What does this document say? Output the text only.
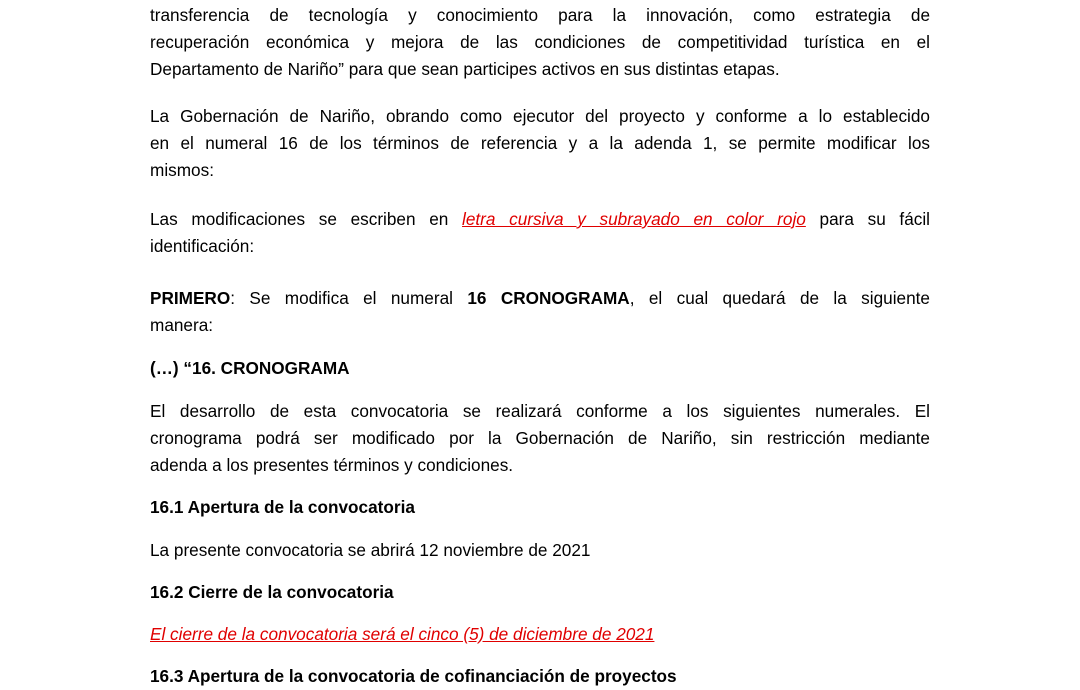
transferencia de tecnología y conocimiento para la innovación, como estrategia de
recuperación económica y mejora de las condiciones de competitividad turística en el
Departamento de Nariño” para que sean participes activos en sus distintas etapas.
La Gobernación de Nariño, obrando como ejecutor del proyecto y conforme a lo establecido
en el numeral 16 de los términos de referencia y a la adenda 1, se permite modificar los
mismos:
Las modificaciones se escriben en letra cursiva y subrayado en color rojo para su fácil
identificación:
PRIMERO: Se modifica el numeral 16 CRONOGRAMA, el cual quedará de la siguiente
manera:
(…) “16. CRONOGRAMA
El desarrollo de esta convocatoria se realizará conforme a los siguientes numerales. El
cronograma podrá ser modificado por la Gobernación de Nariño, sin restricción mediante
adenda a los presentes términos y condiciones.
16.1 Apertura de la convocatoria
La presente convocatoria se abrirá 12 noviembre de 2021
16.2 Cierre de la convocatoria
El cierre de la convocatoria será el cinco (5) de diciembre de 2021
16.3 Apertura de la convocatoria de cofinanciación de proyectos
